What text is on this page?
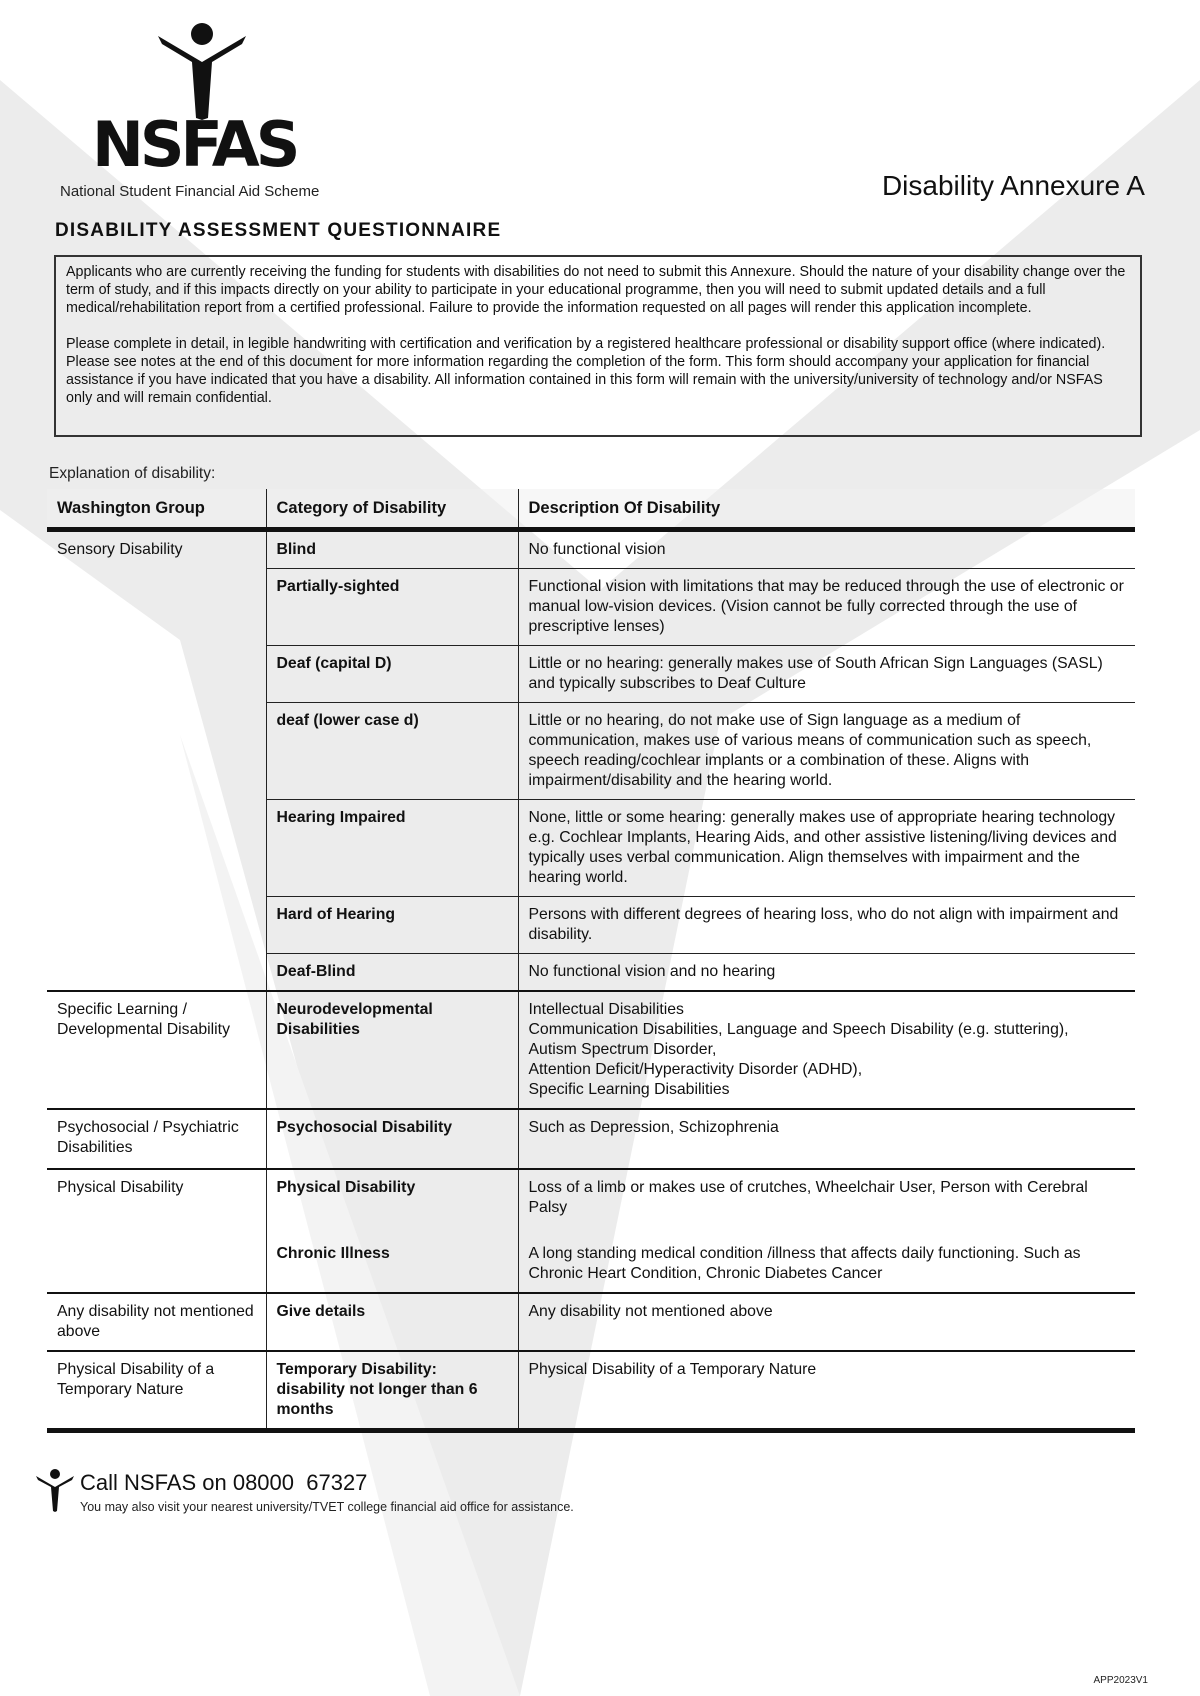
NSFAS
National Student Financial Aid Scheme	Disability Annexure A
DISABILITY ASSESSMENT QUESTIONNAIRE

Applicants who are currently receiving the funding for students with disabilities do not need to submit this Annexure. Should the nature of your disability change over the term of study, and if this impacts directly on your ability to participate in your educational programme, then you will need to submit updated details and a full medical/rehabilitation report from a certified professional. Failure to provide the information requested on all pages will render this application incomplete.

Please complete in detail, in legible handwriting with certification and verification by a registered healthcare professional or disability support office (where indicated). Please see notes at the end of this document for more information regarding the completion of the form. This form should accompany your application for financial assistance if you have indicated that you have a disability. All information contained in this form will remain with the university/university of technology and/or NSFAS only and will remain confidential.

Explanation of disability:
Washington Group	Category of Disability	Description Of Disability
Sensory Disability	Blind	No functional vision
	Partially-sighted	Functional vision with limitations that may be reduced through the use of electronic or manual low-vision devices. (Vision cannot be fully corrected through the use of prescriptive lenses)
	Deaf (capital D)	Little or no hearing: generally makes use of South African Sign Languages (SASL) and typically subscribes to Deaf Culture
	deaf (lower case d)	Little or no hearing, do not make use of Sign language as a medium of communication, makes use of various means of communication such as speech, speech reading/cochlear implants or a combination of these. Aligns with impairment/disability and the hearing world.
	Hearing Impaired	None, little or some hearing: generally makes use of appropriate hearing technology e.g. Cochlear Implants, Hearing Aids, and other assistive listening/living devices and typically uses verbal communication. Align themselves with impairment and the hearing world.
	Hard of Hearing	Persons with different degrees of hearing loss, who do not align with impairment and disability.
	Deaf-Blind	No functional vision and no hearing
Specific Learning / Developmental Disability	Neurodevelopmental Disabilities	Intellectual Disabilities
Communication Disabilities, Language and Speech Disability (e.g. stuttering),
Autism Spectrum Disorder,
Attention Deficit/Hyperactivity Disorder (ADHD),
Specific Learning Disabilities

Psychosocial / Psychiatric Disabilities	Psychosocial Disability	Such as Depression, Schizophrenia
Physical Disability	Physical Disability	Loss of a limb or makes use of crutches, Wheelchair User, Person with Cerebral Palsy
	Chronic Illness	A long standing medical condition /illness that affects daily functioning. Such as Chronic Heart Condition, Chronic Diabetes Cancer
Any disability not mentioned above	Give details	Any disability not mentioned above
Physical Disability of a Temporary Nature	Temporary Disability: disability not longer than 6 months	Physical Disability of a Temporary Nature
Call NSFAS on 08000  67327
You may also visit your nearest university/TVET college financial aid office for assistance.
APP2023V1
